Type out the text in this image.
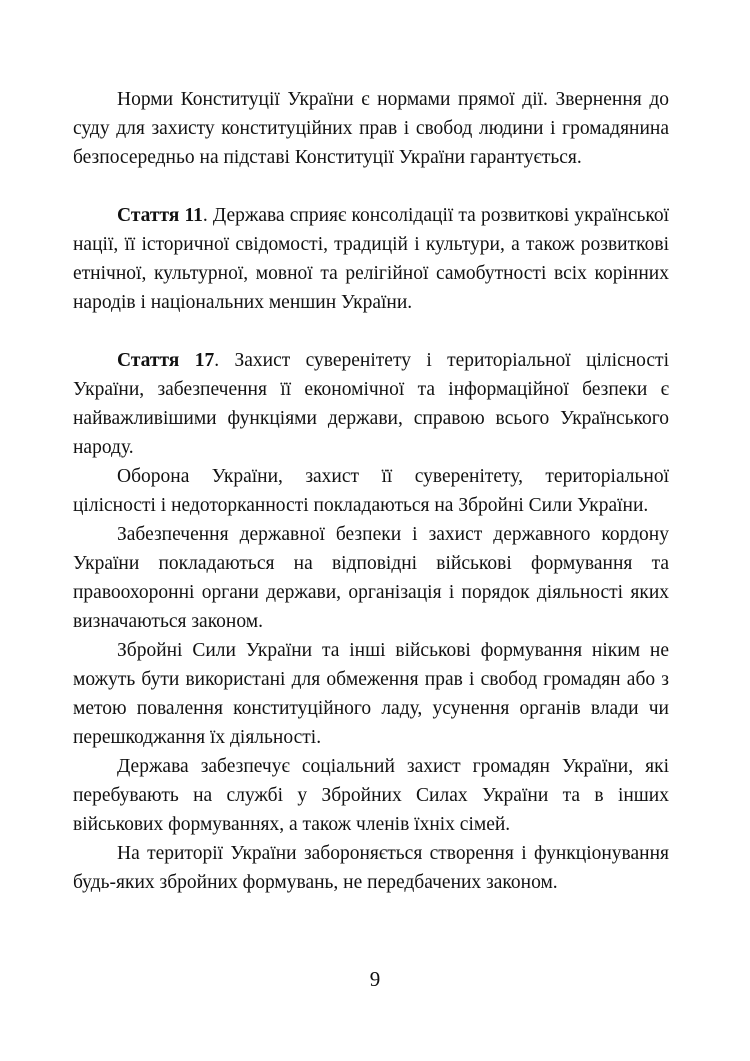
Норми Конституції України є нормами прямої дії. Звернення до суду для захисту конституційних прав і свобод людини і громадянина безпосередньо на підставі Конституції України гарантується.

Стаття 11. Держава сприяє консолідації та розвиткові української нації, її історичної свідомості, традицій і культури, а також розвиткові етнічної, культурної, мовної та релігійної самобутності всіх корінних народів і національних меншин України.

Стаття 17. Захист суверенітету і територіальної цілісності України, забезпечення її економічної та інформаційної безпеки є найважливішими функціями держави, справою всього Українського народу.

Оборона України, захист її суверенітету, територіальної цілісності і недоторканності покладаються на Збройні Сили України.

Забезпечення державної безпеки і захист державного кордону України покладаються на відповідні військові формування та правоохоронні органи держави, організація і порядок діяльності яких визначаються законом.

Збройні Сили України та інші військові формування ніким не можуть бути використані для обмеження прав і свобод громадян або з метою повалення конституційного ладу, усунення органів влади чи перешкоджання їх діяльності.

Держава забезпечує соціальний захист громадян України, які перебувають на службі у Збройних Силах України та в інших військових формуваннях, а також членів їхніх сімей.

На території України забороняється створення і функціонування будь-яких збройних формувань, не передбачених законом.

9
